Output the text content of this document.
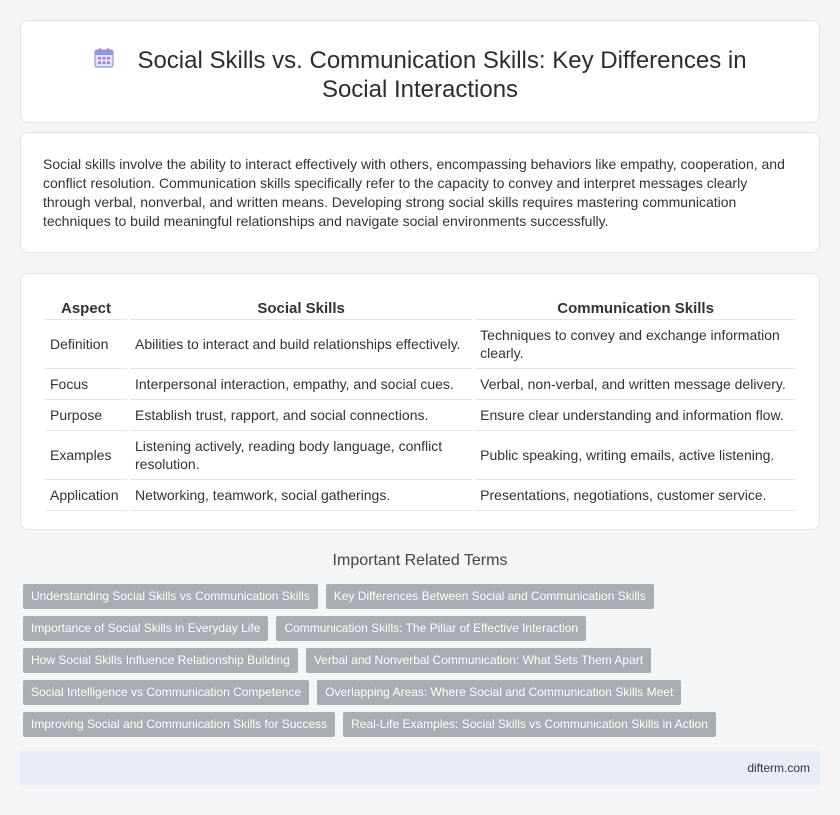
Social Skills vs. Communication Skills: Key Differences in Social Interactions

Social skills involve the ability to interact effectively with others, encompassing behaviors like empathy, cooperation, and conflict resolution. Communication skills specifically refer to the capacity to convey and interpret messages clearly through verbal, nonverbal, and written means. Developing strong social skills requires mastering communication techniques to build meaningful relationships and navigate social environments successfully.

Aspect	Social Skills	Communication Skills
Definition	Abilities to interact and build relationships effectively.	Techniques to convey and exchange information clearly.
Focus	Interpersonal interaction, empathy, and social cues.	Verbal, non-verbal, and written message delivery.
Purpose	Establish trust, rapport, and social connections.	Ensure clear understanding and information flow.
Examples	Listening actively, reading body language, conflict resolution.	Public speaking, writing emails, active listening.
Application	Networking, teamwork, social gatherings.	Presentations, negotiations, customer service.
Important Related Terms
Understanding Social Skills vs Communication Skills	Key Differences Between Social and Communication Skills
Importance of Social Skills in Everyday Life	Communication Skills: The Pillar of Effective Interaction
How Social Skills Influence Relationship Building	Verbal and Nonverbal Communication: What Sets Them Apart
Social Intelligence vs Communication Competence	Overlapping Areas: Where Social and Communication Skills Meet
Improving Social and Communication Skills for Success	Real-Life Examples: Social Skills vs Communication Skills in Action
difterm.com
